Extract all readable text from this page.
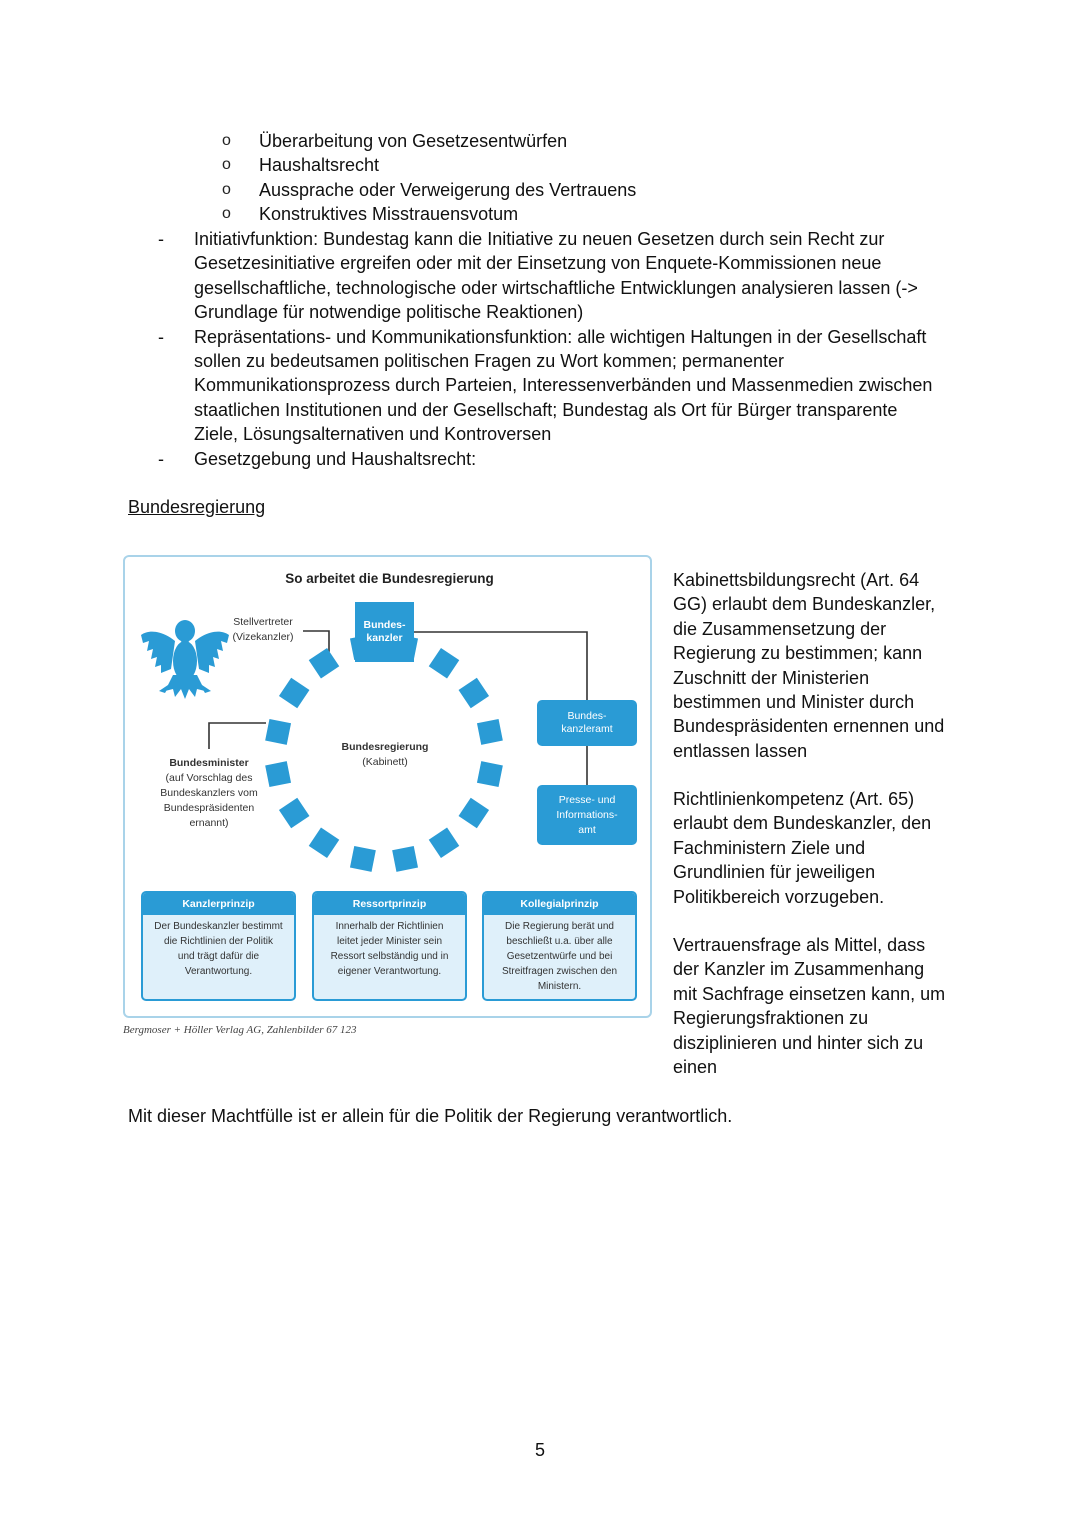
o	Überarbeitung von Gesetzesentwürfen
o	Haushaltsrecht
o	Aussprache oder Verweigerung des Vertrauens
o	Konstruktives Misstrauensvotum
-	Initiativfunktion: Bundestag kann die Initiative zu neuen Gesetzen durch sein Recht zur
Gesetzesinitiative ergreifen oder mit der Einsetzung von Enquete-Kommissionen neue
gesellschaftliche, technologische oder wirtschaftliche Entwicklungen analysieren lassen (->
Grundlage für notwendige politische Reaktionen)
-	Repräsentations- und Kommunikationsfunktion: alle wichtigen Haltungen in der Gesellschaft
sollen zu bedeutsamen politischen Fragen zu Wort kommen; permanenter
Kommunikationsprozess durch Parteien, Interessenverbänden und Massenmedien zwischen
staatlichen Institutionen und der Gesellschaft; Bundestag als Ort für Bürger transparente
Ziele, Lösungsalternativen und Kontroversen
-	Gesetzgebung und Haushaltsrecht:
Bundesregierung
So arbeitet die Bundesregierung
Stellvertreter
(Vizekanzler)
Bundes-
kanzler
Bundesregierung
(Kabinett)
Bundesminister
(auf Vorschlag des
Bundeskanzlers vom
Bundespräsidenten
ernannt)
Bundes-
kanzleramt
Presse- und
Informations-
amt
Kanzlerprinzip
Der Bundeskanzler bestimmt
die Richtlinien der Politik
und trägt dafür die
Verantwortung.
Ressortprinzip
Innerhalb der Richtlinien
leitet jeder Minister sein
Ressort selbständig und in
eigener Verantwortung.
Kollegialprinzip
Die Regierung berät und
beschließt u.a. über alle
Gesetzentwürfe und bei
Streitfragen zwischen den
Ministern.
Bergmoser + Höller Verlag AG, Zahlenbilder 67 123

Kabinettsbildungsrecht (Art. 64

GG) erlaubt dem Bundeskanzler,

die Zusammensetzung der

Regierung zu bestimmen; kann

Zuschnitt der Ministerien

bestimmen und Minister durch

Bundespräsidenten ernennen und

entlassen lassen

Richtlinienkompetenz (Art. 65)

erlaubt dem Bundeskanzler, den

Fachministern Ziele und

Grundlinien für jeweiligen

Politikbereich vorzugeben.

Vertrauensfrage als Mittel, dass

der Kanzler im Zusammenhang

mit Sachfrage einsetzen kann, um

Regierungsfraktionen zu

disziplinieren und hinter sich zu

einen

Mit dieser Machtfülle ist er allein für die Politik der Regierung verantwortlich.
5
